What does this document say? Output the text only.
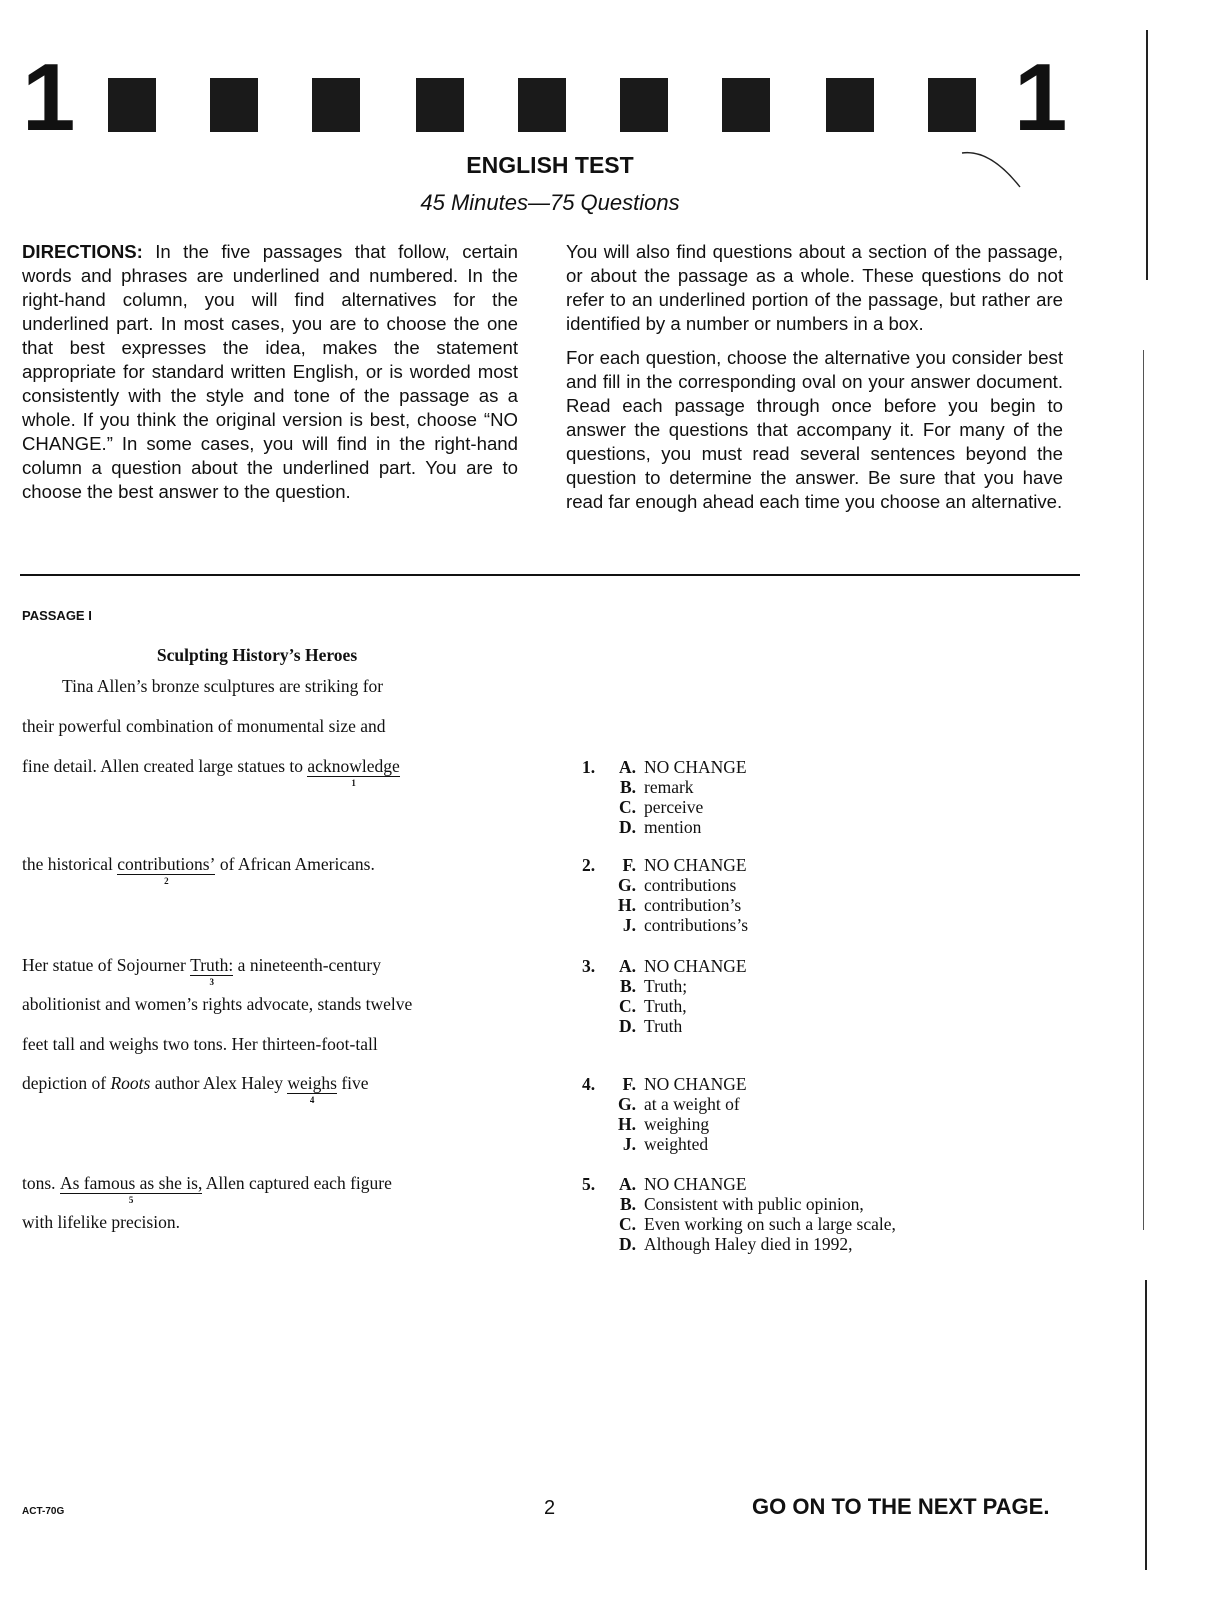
1	1
ENGLISH TEST
45 Minutes—75 Questions

DIRECTIONS: In the five passages that follow, certain words and phrases are underlined and numbered. In the right-hand column, you will find alternatives for the underlined part. In most cases, you are to choose the one that best expresses the idea, makes the statement appropriate for standard written English, or is worded most consistently with the style and tone of the passage as a whole. If you think the original version is best, choose “NO CHANGE.” In some cases, you will find in the right-hand column a question about the underlined part. You are to choose the best answer to the question.

You will also find questions about a section of the passage, or about the passage as a whole. These questions do not refer to an underlined portion of the passage, but rather are identified by a number or numbers in a box.

For each question, choose the alternative you consider best and fill in the corresponding oval on your answer document. Read each passage through once before you begin to answer the questions that accompany it. For many of the questions, you must read several sentences beyond the question to determine the answer. Be sure that you have read far enough ahead each time you choose an alternative.

PASSAGE I
Sculpting History’s Heroes
Tina Allen’s bronze sculptures are striking for
their powerful combination of monumental size and
fine detail. Allen created large statues to acknowledge
1
the historical contributions’
2
of African Americans.
Her statue of Sojourner Truth:
3
a nineteenth-century
abolitionist and women’s rights advocate, stands twelve
feet tall and weighs two tons. Her thirteen-foot-tall
depiction of Roots author Alex Haley weighs
4
five
tons. As famous as she is,
5
Allen captured each figure
with lifelike precision.
1.	A. NO CHANGE
B. remark
C. perceive
D. mention
2.	F. NO CHANGE
G. contributions
H. contribution’s
J. contributions’s
3.	A. NO CHANGE
B. Truth;
C. Truth,
D. Truth
4.	F. NO CHANGE
G. at a weight of
H. weighing
J. weighted
5.	A. NO CHANGE
B. Consistent with public opinion,
C. Even working on such a large scale,
D. Although Haley died in 1992,
ACT-70G	2	GO ON TO THE NEXT PAGE.
